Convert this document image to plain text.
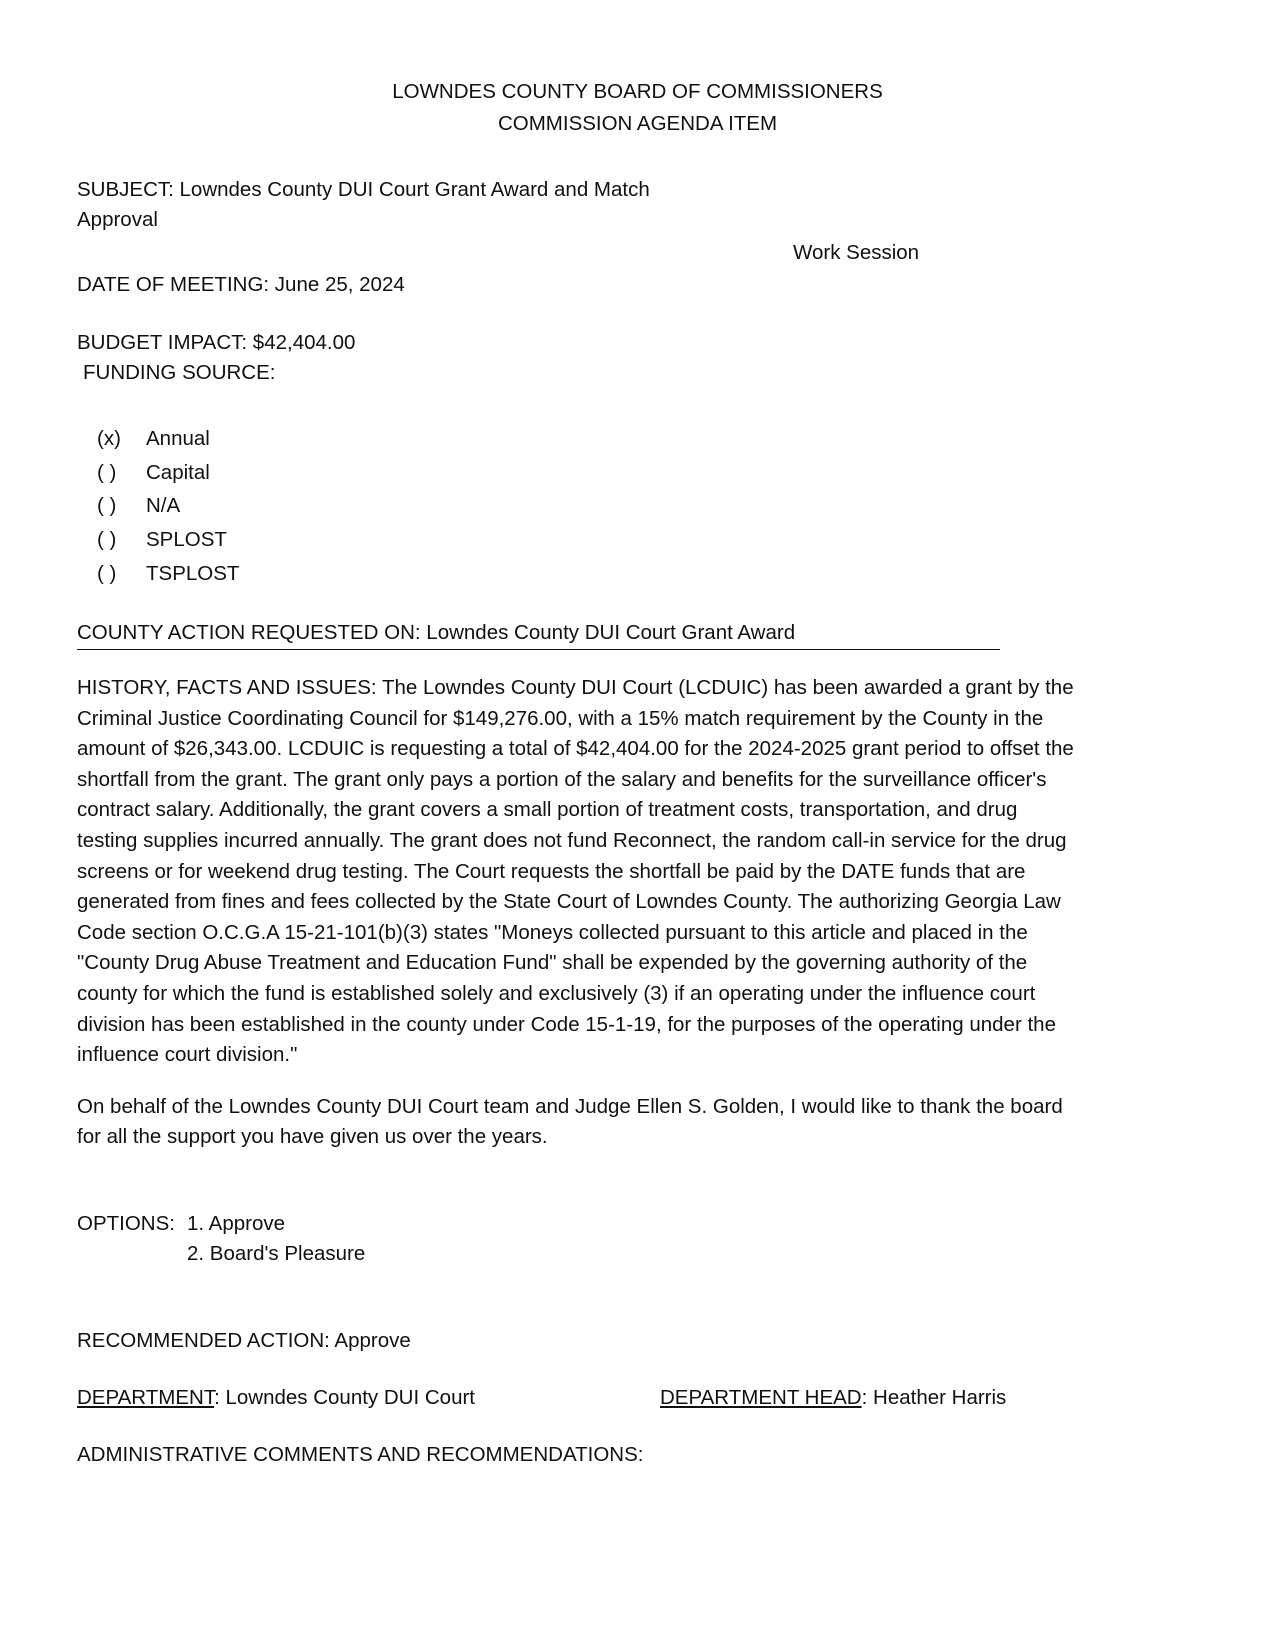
LOWNDES COUNTY BOARD OF COMMISSIONERS
COMMISSION AGENDA ITEM
SUBJECT: Lowndes County DUI Court Grant Award and Match
Approval
Work Session
DATE OF MEETING: June 25, 2024
BUDGET IMPACT: $42,404.00
FUNDING SOURCE:
(x) Annual
( ) Capital
( ) N/A
( ) SPLOST
( ) TSPLOST
COUNTY ACTION REQUESTED ON: Lowndes County DUI Court Grant Award
HISTORY, FACTS AND ISSUES: The Lowndes County DUI Court (LCDUIC) has been awarded a grant by the
Criminal Justice Coordinating Council for $149,276.00, with a 15% match requirement by the County in the
amount of $26,343.00. LCDUIC is requesting a total of $42,404.00 for the 2024-2025 grant period to offset the
shortfall from the grant. The grant only pays a portion of the salary and benefits for the surveillance officer's
contract salary. Additionally, the grant covers a small portion of treatment costs, transportation, and drug
testing supplies incurred annually. The grant does not fund Reconnect, the random call-in service for the drug
screens or for weekend drug testing. The Court requests the shortfall be paid by the DATE funds that are
generated from fines and fees collected by the State Court of Lowndes County. The authorizing Georgia Law
Code section O.C.G.A 15-21-101(b)(3) states "Moneys collected pursuant to this article and placed in the
"County Drug Abuse Treatment and Education Fund" shall be expended by the governing authority of the
county for which the fund is established solely and exclusively (3) if an operating under the influence court
division has been established in the county under Code 15-1-19, for the purposes of the operating under the
influence court division."
On behalf of the Lowndes County DUI Court team and Judge Ellen S. Golden, I would like to thank the board
for all the support you have given us over the years.
OPTIONS: 1. Approve
2. Board's Pleasure
RECOMMENDED ACTION: Approve
DEPARTMENT: Lowndes County DUI Court	DEPARTMENT HEAD: Heather Harris
ADMINISTRATIVE COMMENTS AND RECOMMENDATIONS:
